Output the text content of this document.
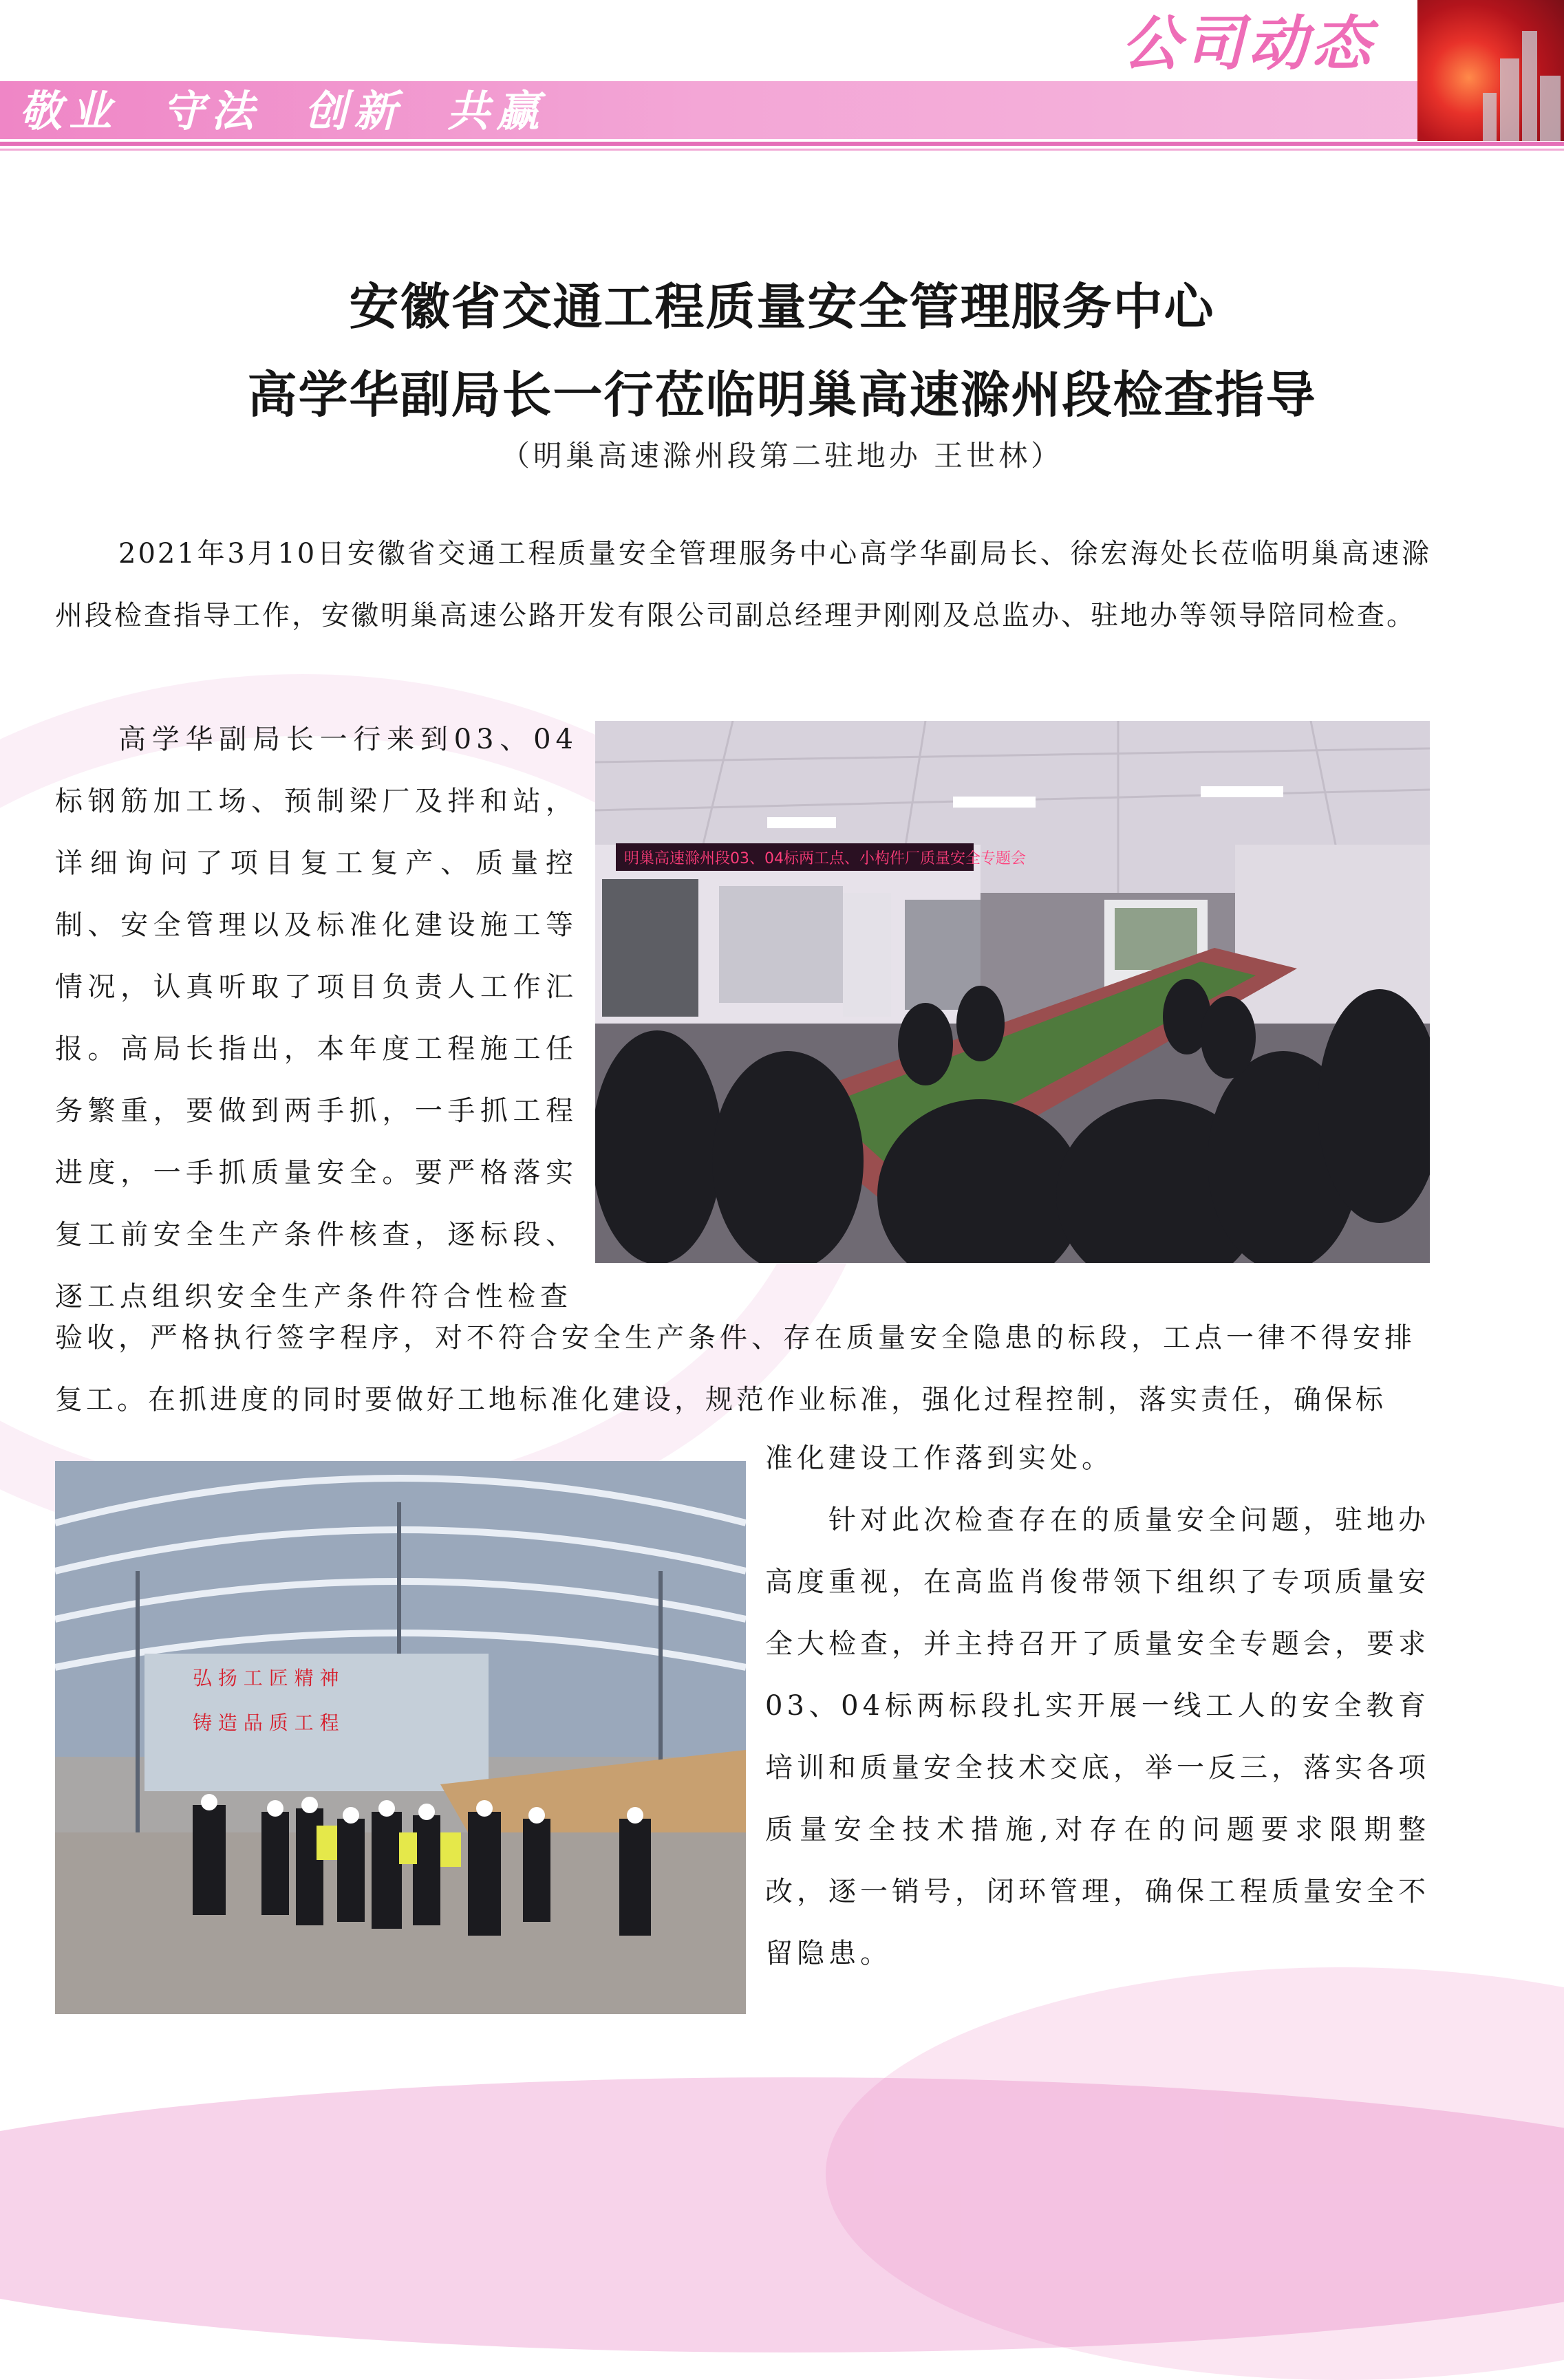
敬业  守法  创新  共赢

公司动态

安徽省交通工程质量安全管理服务中心
高学华副局长一行莅临明巢高速滁州段检查指导

（明巢高速滁州段第二驻地办 王世林）

2021年3月10日安徽省交通工程质量安全管理服务中心高学华副局长、徐宏海处长莅临明巢高速滁州段检查指导工作，安徽明巢高速公路开发有限公司副总经理尹刚刚及总监办、驻地办等领导陪同检查。

高学华副局长一行来到03、04标钢筋加工场、预制梁厂及拌和站，详细询问了项目复工复产、质量控制、安全管理以及标准化建设施工等情况，认真听取了项目负责人工作汇报。高局长指出，本年度工程施工任务繁重，要做到两手抓，一手抓工程进度，一手抓质量安全。要严格落实复工前安全生产条件核查，逐标段、逐工点组织安全生产条件符合性检查

验收，严格执行签字程序，对不符合安全生产条件、存在质量安全隐患的标段，工点一律不得安排

复工。在抓进度的同时要做好工地标准化建设，规范作业标准，强化过程控制，落实责任，确保标

准化建设工作落到实处。

针对此次检查存在的质量安全问题，驻地办高度重视，在高监肖俊带领下组织了专项质量安全大检查，并主持召开了质量安全专题会，要求03、04标两标段扎实开展一线工人的安全教育培训和质量安全技术交底，举一反三，落实各项质量安全技术措施,对存在的问题要求限期整改，逐一销号，闭环管理，确保工程质量安全不留隐患。

明巢高速滁州段03、04标两工点、小构件厂质量安全专题会
弘 扬 工 匠 精 神
铸 造 品 质 工 程
